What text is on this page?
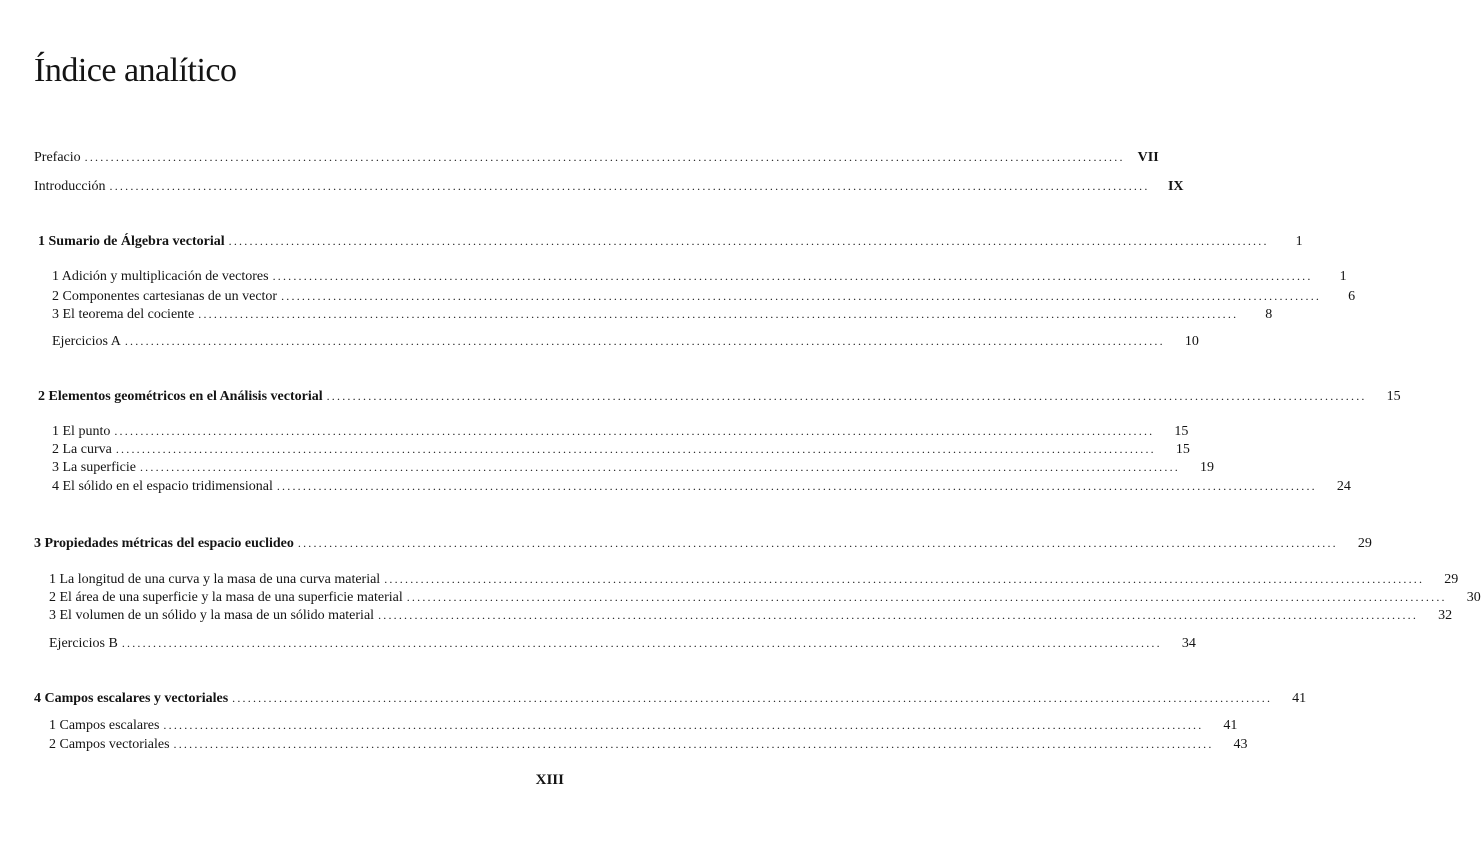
Índice analítico
Prefacio ........................................................................................................................................................................................................ VII
Introducción ........................................................................................................................................................................................................	IX
1 Sumario de Álgebra vectorial ........................................................................................................................................................................................................	1
1 Adición y multiplicación de vectores ........................................................................................................................................................................................................	1
2 Componentes cartesianas de un vector ........................................................................................................................................................................................................	6
3 El teorema del cociente ........................................................................................................................................................................................................	8
Ejercicios A ........................................................................................................................................................................................................	10
2 Elementos geométricos en el Análisis vectorial ........................................................................................................................................................................................................	15
1 El punto ........................................................................................................................................................................................................	15
2 La curva ........................................................................................................................................................................................................	15
3 La superficie ........................................................................................................................................................................................................	19
4 El sólido en el espacio tridimensional ........................................................................................................................................................................................................	24
3 Propiedades métricas del espacio euclideo ........................................................................................................................................................................................................	29
1 La longitud de una curva y la masa de una curva material ........................................................................................................................................................................................................	29
2 El área de una superficie y la masa de una superficie material ........................................................................................................................................................................................................	30
3 El volumen de un sólido y la masa de un sólido material ........................................................................................................................................................................................................	32
Ejercicios B ........................................................................................................................................................................................................	34
4 Campos escalares y vectoriales ........................................................................................................................................................................................................	41
1 Campos escalares ........................................................................................................................................................................................................	41
2 Campos vectoriales ........................................................................................................................................................................................................	43
XIII
